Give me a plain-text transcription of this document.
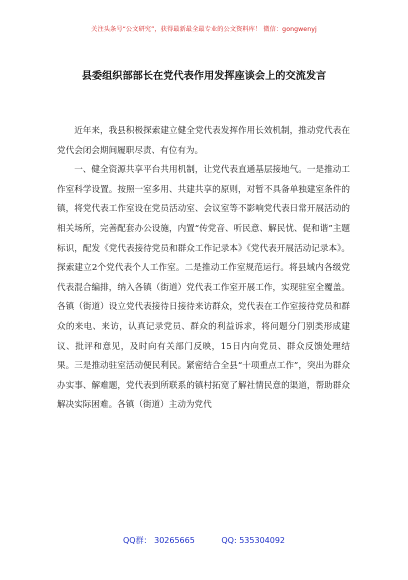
关注头条号“公文研究”，获得最新最全最专业的公文资料库！ 微信：gongwenyj
县委组织部部长在党代表作用发挥座谈会上的交流发言

近年来，我县积极探索建立健全党代表发挥作用长效机制，推动党代表在党代会闭会期间履职尽责、有位有为。

一、健全资源共享平台共用机制，让党代表直通基层接地气。一是推动工作室科学设置。按照一室多用、共建共享的原则，对暂不具备单独建室条件的镇，将党代表工作室设在党员活动室、会议室等不影响党代表日常开展活动的相关场所，完善配套办公设施，内置“传党音、听民意、解民忧、促和谐”主题标识，配发《党代表接待党员和群众工作记录本》《党代表开展活动记录本》。探索建立2个党代表个人工作室。二是推动工作室规范运行。将县域内各级党代表混合编排，纳入各镇（街道）党代表工作室开展工作，实现驻室全覆盖。各镇（街道）设立党代表接待日接待来访群众，党代表在工作室接待党员和群众的来电、来访，认真记录党员、群众的利益诉求，将问题分门别类形成建议、批评和意见，及时向有关部门反映，15日内向党员、群众反馈处理结果。三是推动驻室活动便民利民。紧密结合全县“十项重点工作”，突出为群众办实事、解难题，党代表到所联系的镇村拓宽了解社情民意的渠道，帮助群众解决实际困难。各镇（街道）主动为党代

QQ群： 30265665	QQ: 535304092
